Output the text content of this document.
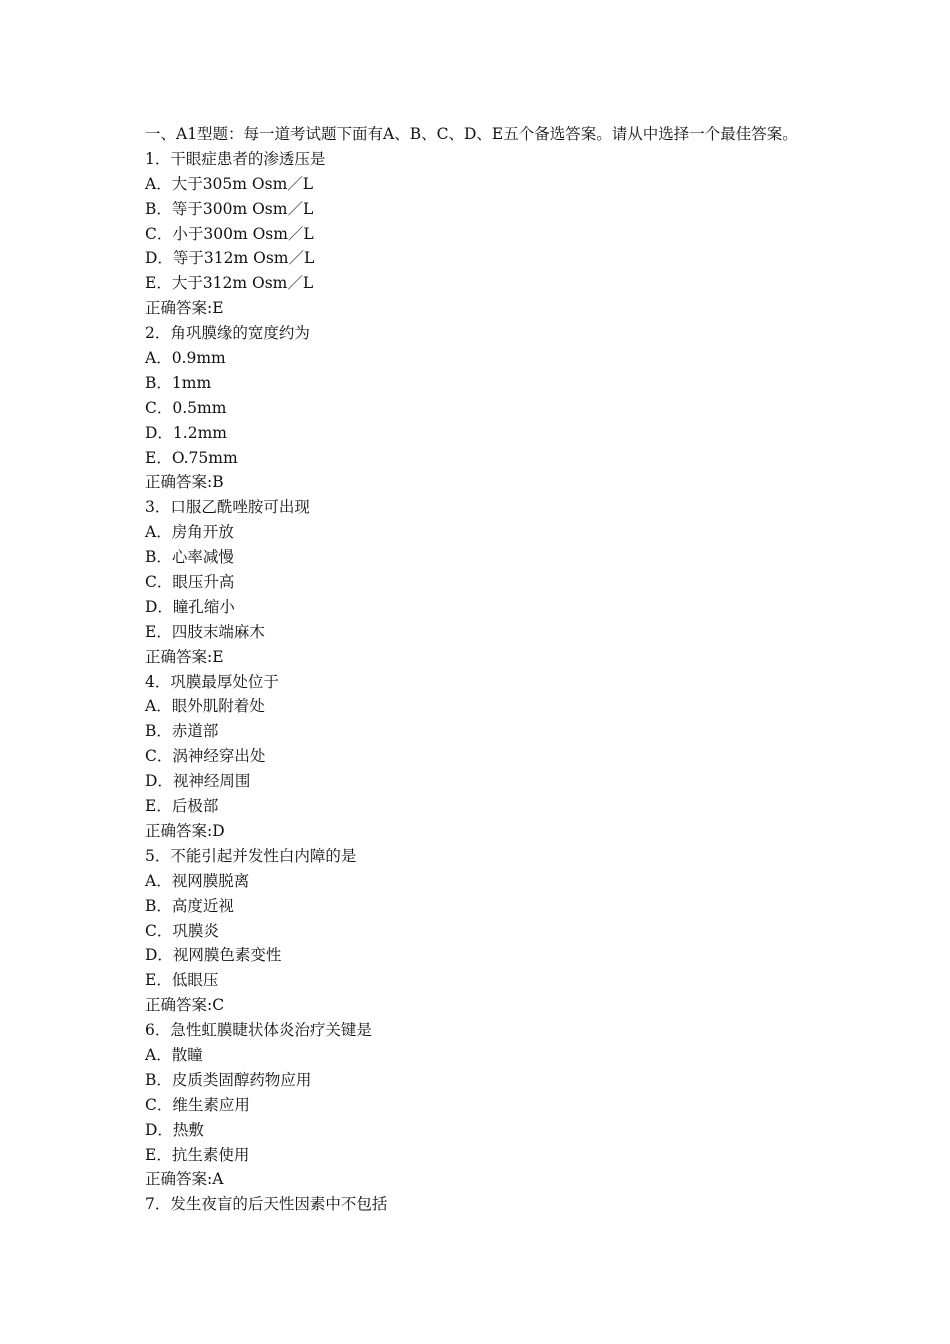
一、A1型题：每一道考试题下面有A、B、C、D、E五个备选答案。请从中选择一个最佳答案。
1．干眼症患者的渗透压是
A．大于305m Osm／L
B．等于300m Osm／L
C．小于300m Osm／L
D．等于312m Osm／L
E．大于312m Osm／L
正确答案:E
2．角巩膜缘的宽度约为
A．0.9mm
B．1mm
C．0.5mm
D．1.2mm
E．O.75mm
正确答案:B
3．口服乙酰唑胺可出现
A．房角开放
B．心率减慢
C．眼压升高
D．瞳孔缩小
E．四肢末端麻木
正确答案:E
4．巩膜最厚处位于
A．眼外肌附着处
B．赤道部
C．涡神经穿出处
D．视神经周围
E．后极部
正确答案:D
5．不能引起并发性白内障的是
A．视网膜脱离
B．高度近视
C．巩膜炎
D．视网膜色素变性
E．低眼压
正确答案:C
6．急性虹膜睫状体炎治疗关键是
A．散瞳
B．皮质类固醇药物应用
C．维生素应用
D．热敷
E．抗生素使用
正确答案:A
7．发生夜盲的后天性因素中不包括
